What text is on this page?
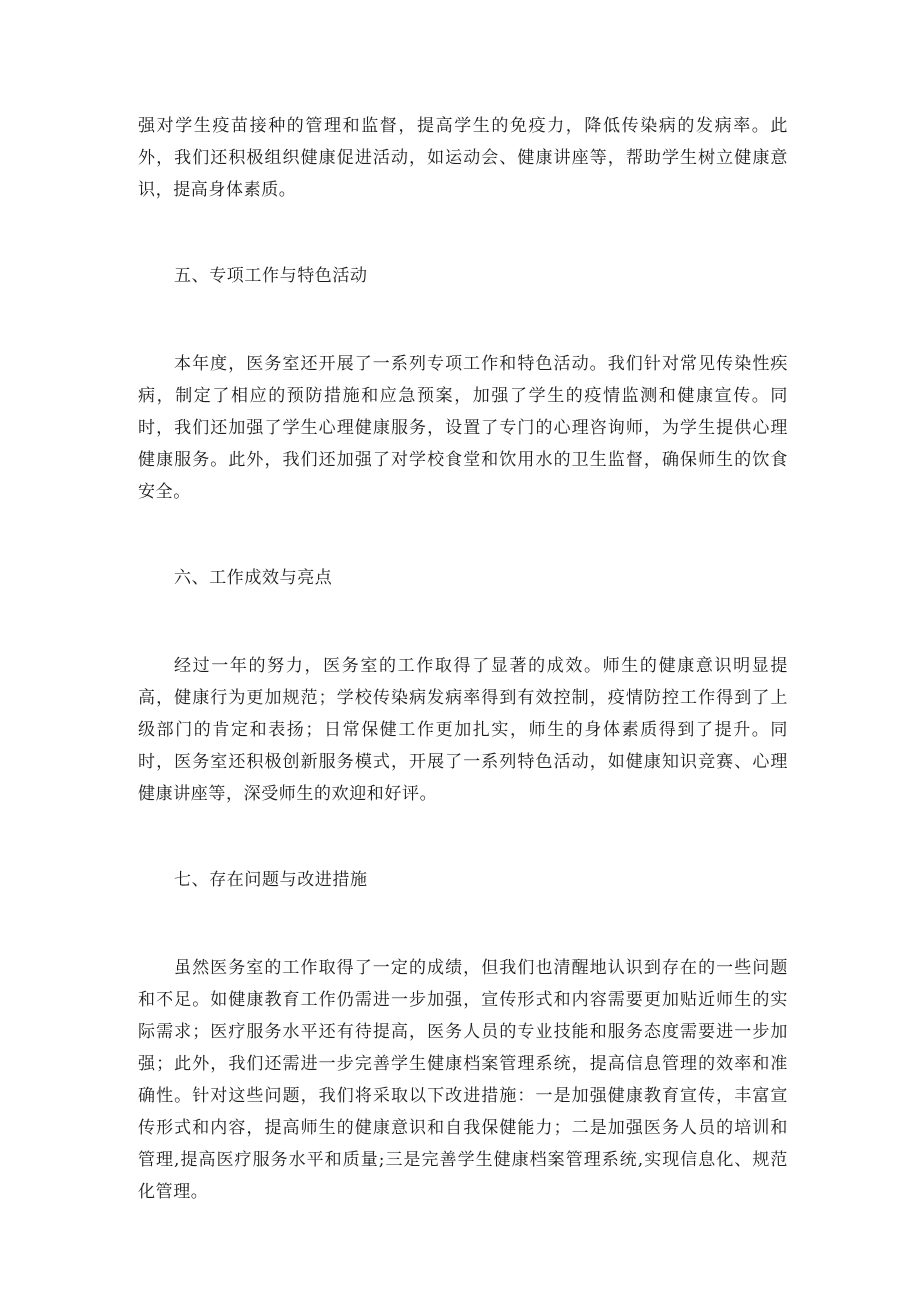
强对学生疫苗接种的管理和监督，提高学生的免疫力，降低传染病的发病率。此外，我们还积极组织健康促进活动，如运动会、健康讲座等，帮助学生树立健康意识，提高身体素质。

五、专项工作与特色活动

本年度，医务室还开展了一系列专项工作和特色活动。我们针对常见传染性疾病，制定了相应的预防措施和应急预案，加强了学生的疫情监测和健康宣传。同时，我们还加强了学生心理健康服务，设置了专门的心理咨询师，为学生提供心理健康服务。此外，我们还加强了对学校食堂和饮用水的卫生监督，确保师生的饮食安全。

六、工作成效与亮点

经过一年的努力，医务室的工作取得了显著的成效。师生的健康意识明显提高，健康行为更加规范；学校传染病发病率得到有效控制，疫情防控工作得到了上级部门的肯定和表扬；日常保健工作更加扎实，师生的身体素质得到了提升。同时，医务室还积极创新服务模式，开展了一系列特色活动，如健康知识竞赛、心理健康讲座等，深受师生的欢迎和好评。

七、存在问题与改进措施

虽然医务室的工作取得了一定的成绩，但我们也清醒地认识到存在的一些问题和不足。如健康教育工作仍需进一步加强，宣传形式和内容需要更加贴近师生的实际需求；医疗服务水平还有待提高，医务人员的专业技能和服务态度需要进一步加强；此外，我们还需进一步完善学生健康档案管理系统，提高信息管理的效率和准确性。针对这些问题，我们将采取以下改进措施：一是加强健康教育宣传，丰富宣传形式和内容，提高师生的健康意识和自我保健能力；二是加强医务人员的培训和管理,提高医疗服务水平和质量;三是完善学生健康档案管理系统,实现信息化、规范化管理。
